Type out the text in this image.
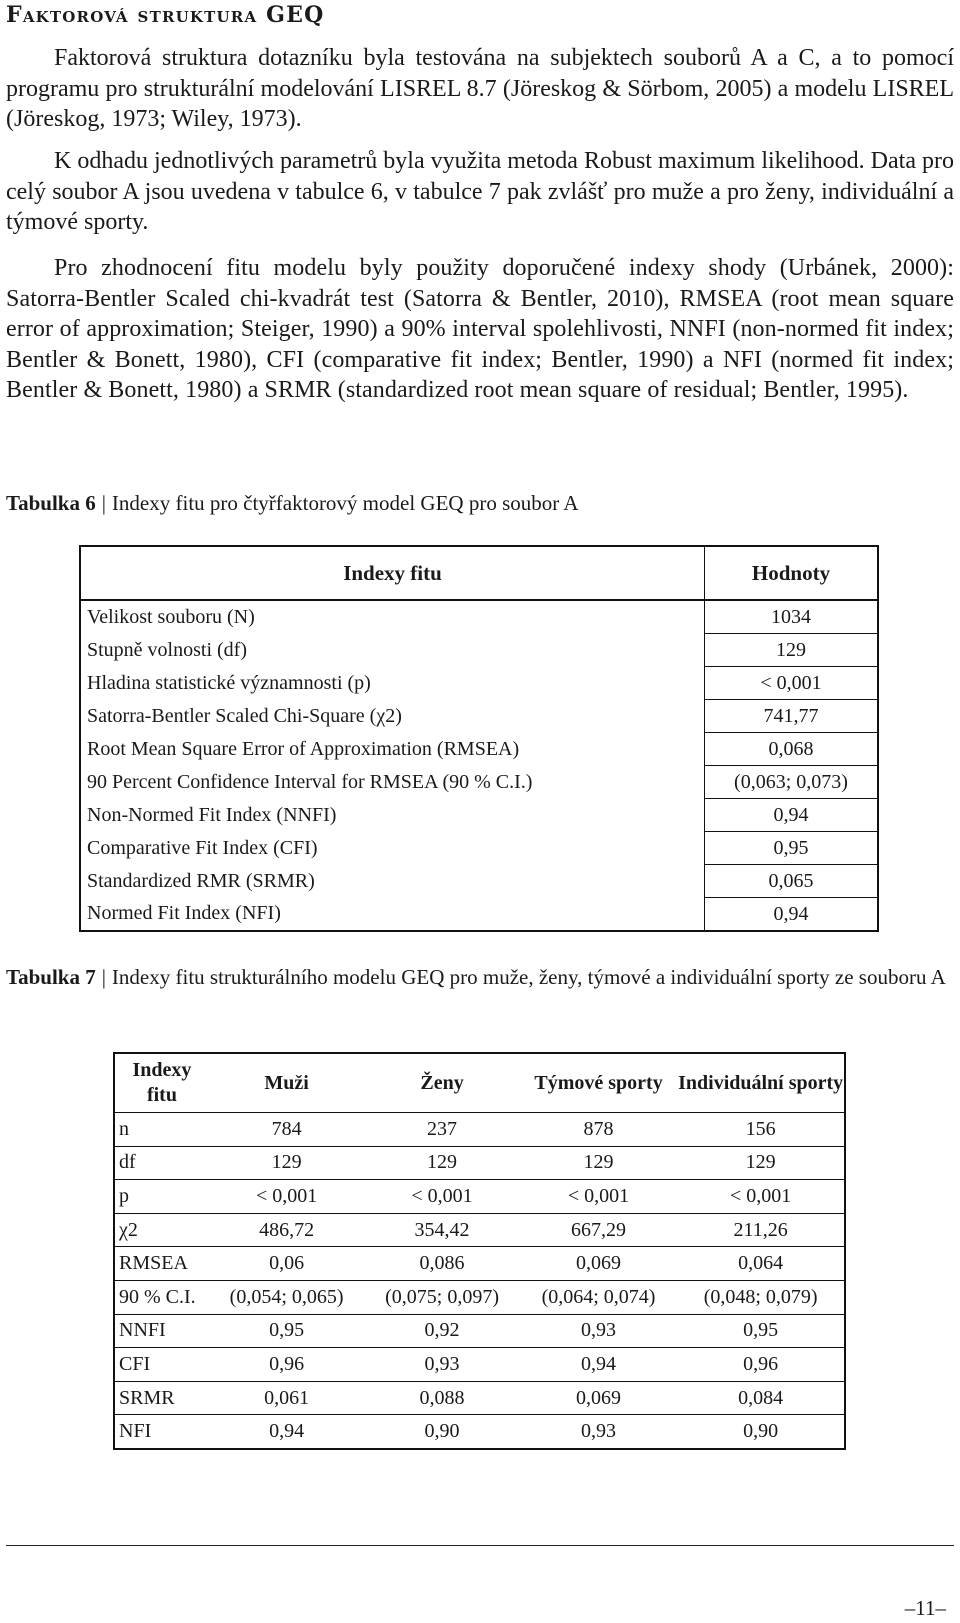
Faktorová struktura GEQ

Faktorová struktura dotazníku byla testována na subjektech souborů A a C, a to pomocí programu pro strukturální modelování LISREL 8.7 (Jöreskog & Sörbom, 2005) a modelu LISREL (Jöreskog, 1973; Wiley, 1973).

K odhadu jednotlivých parametrů byla využita metoda Robust maximum likelihood. Data pro celý soubor A jsou uvedena v tabulce 6, v tabulce 7 pak zvlášť pro muže a pro ženy, individuální a týmové sporty.

Pro zhodnocení fitu modelu byly použity doporučené indexy shody (Urbánek, 2000): Satorra-Bentler Scaled chi-kvadrát test (Satorra & Bentler, 2010), RMSEA (root mean square error of approximation; Steiger, 1990) a 90% interval spolehlivosti, NNFI (non-normed fit index; Bentler & Bonett, 1980), CFI (comparative fit index; Bentler, 1990) a NFI (normed fit index; Bentler & Bonett, 1980) a SRMR (standardized root mean square of residual; Bentler, 1995).

Tabulka 6 | Indexy fitu pro čtyřfaktorový model GEQ pro soubor A

Indexy fitu	Hodnoty
Velikost souboru (N)	1034
Stupně volnosti (df)	129
Hladina statistické významnosti (p)	< 0,001
Satorra-Bentler Scaled Chi-Square (χ2)	741,77
Root Mean Square Error of Approximation (RMSEA)	0,068
90 Percent Confidence Interval for RMSEA (90 % C.I.)	(0,063; 0,073)
Non-Normed Fit Index (NNFI)	0,94
Comparative Fit Index (CFI)	0,95
Standardized RMR (SRMR)	0,065
Normed Fit Index (NFI)	0,94

Tabulka 7 | Indexy fitu strukturálního modelu GEQ pro muže, ženy, týmové a individuální sporty ze souboru A

Indexy fitu	Muži	Ženy	Týmové sporty	Individuální sporty
n	784	237	878	156
df	129	129	129	129
p	< 0,001	< 0,001	< 0,001	< 0,001
χ2	486,72	354,42	667,29	211,26
RMSEA	0,06	0,086	0,069	0,064
90 % C.I.	(0,054; 0,065)	(0,075; 0,097)	(0,064; 0,074)	(0,048; 0,079)
NNFI	0,95	0,92	0,93	0,95
CFI	0,96	0,93	0,94	0,96
SRMR	0,061	0,088	0,069	0,084
NFI	0,94	0,90	0,93	0,90
–11–
